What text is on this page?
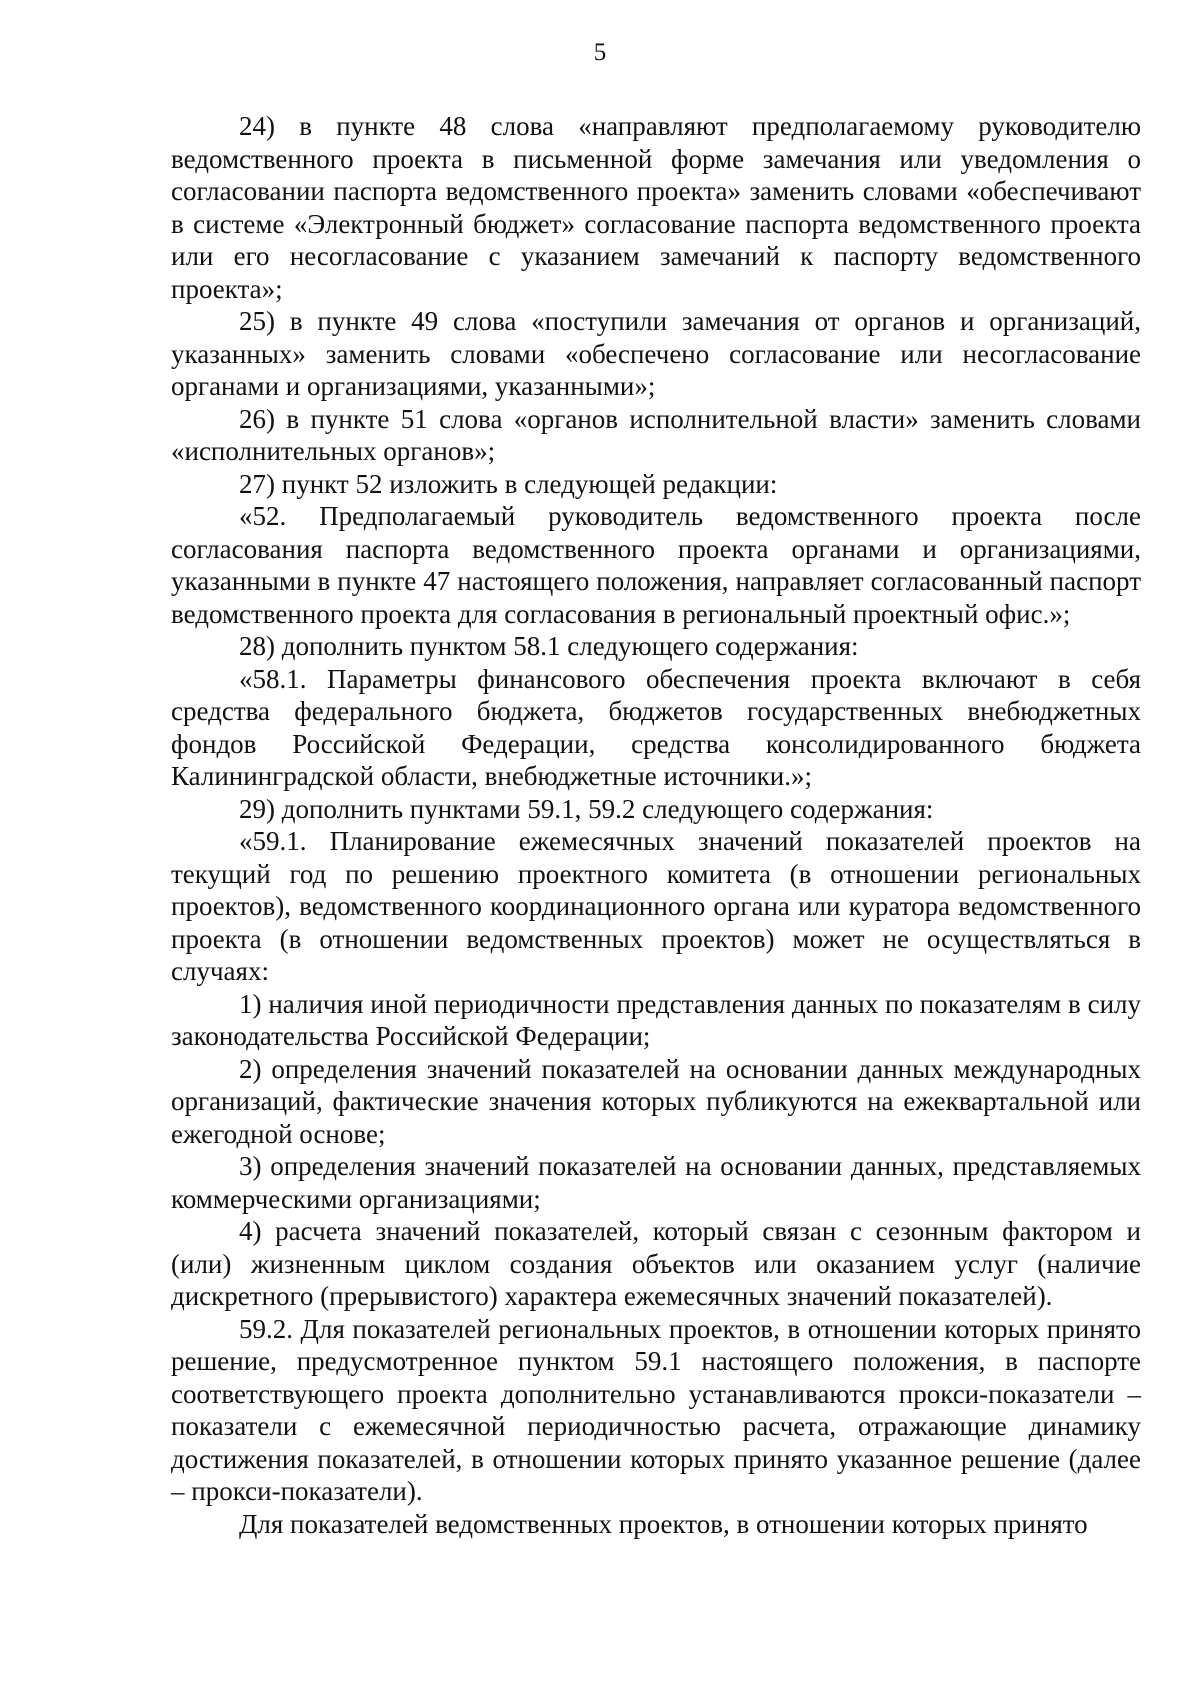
5

24) в пункте 48 слова «направляют предполагаемому руководителю ведомственного проекта в письменной форме замечания или уведомления о согласовании паспорта ведомственного проекта» заменить словами «обеспечивают в системе «Электронный бюджет» согласование паспорта ведомственного проекта или его несогласование с указанием замечаний к паспорту ведомственного проекта»;

25) в пункте 49 слова «поступили замечания от органов и организаций, указанных» заменить словами «обеспечено согласование или несогласование органами и организациями, указанными»;

26) в пункте 51 слова «органов исполнительной власти» заменить словами «исполнительных органов»;

27) пункт 52 изложить в следующей редакции:

«52. Предполагаемый руководитель ведомственного проекта после согласования паспорта ведомственного проекта органами и организациями, указанными в пункте 47 настоящего положения, направляет согласованный паспорт ведомственного проекта для согласования в региональный проектный офис.»;

28) дополнить пунктом 58.1 следующего содержания:

«58.1. Параметры финансового обеспечения проекта включают в себя средства федерального бюджета, бюджетов государственных внебюджетных фондов Российской Федерации, средства консолидированного бюджета Калининградской области, внебюджетные источники.»;

29) дополнить пунктами 59.1, 59.2 следующего содержания:

«59.1. Планирование ежемесячных значений показателей проектов на текущий год по решению проектного комитета (в отношении региональных проектов), ведомственного координационного органа или куратора ведомственного проекта (в отношении ведомственных проектов) может не осуществляться в случаях:

1) наличия иной периодичности представления данных по показателям в силу законодательства Российской Федерации;

2) определения значений показателей на основании данных международных организаций, фактические значения которых публикуются на ежеквартальной или ежегодной основе;

3) определения значений показателей на основании данных, представляемых коммерческими организациями;

4) расчета значений показателей, который связан с сезонным фактором и (или) жизненным циклом создания объектов или оказанием услуг (наличие дискретного (прерывистого) характера ежемесячных значений показателей).

59.2. Для показателей региональных проектов, в отношении которых принято решение, предусмотренное пунктом 59.1 настоящего положения, в паспорте соответствующего проекта дополнительно устанавливаются прокси-показатели – показатели с ежемесячной периодичностью расчета, отражающие динамику достижения показателей, в отношении которых принято указанное решение (далее – прокси-показатели).

Для показателей ведомственных проектов, в отношении которых принято
